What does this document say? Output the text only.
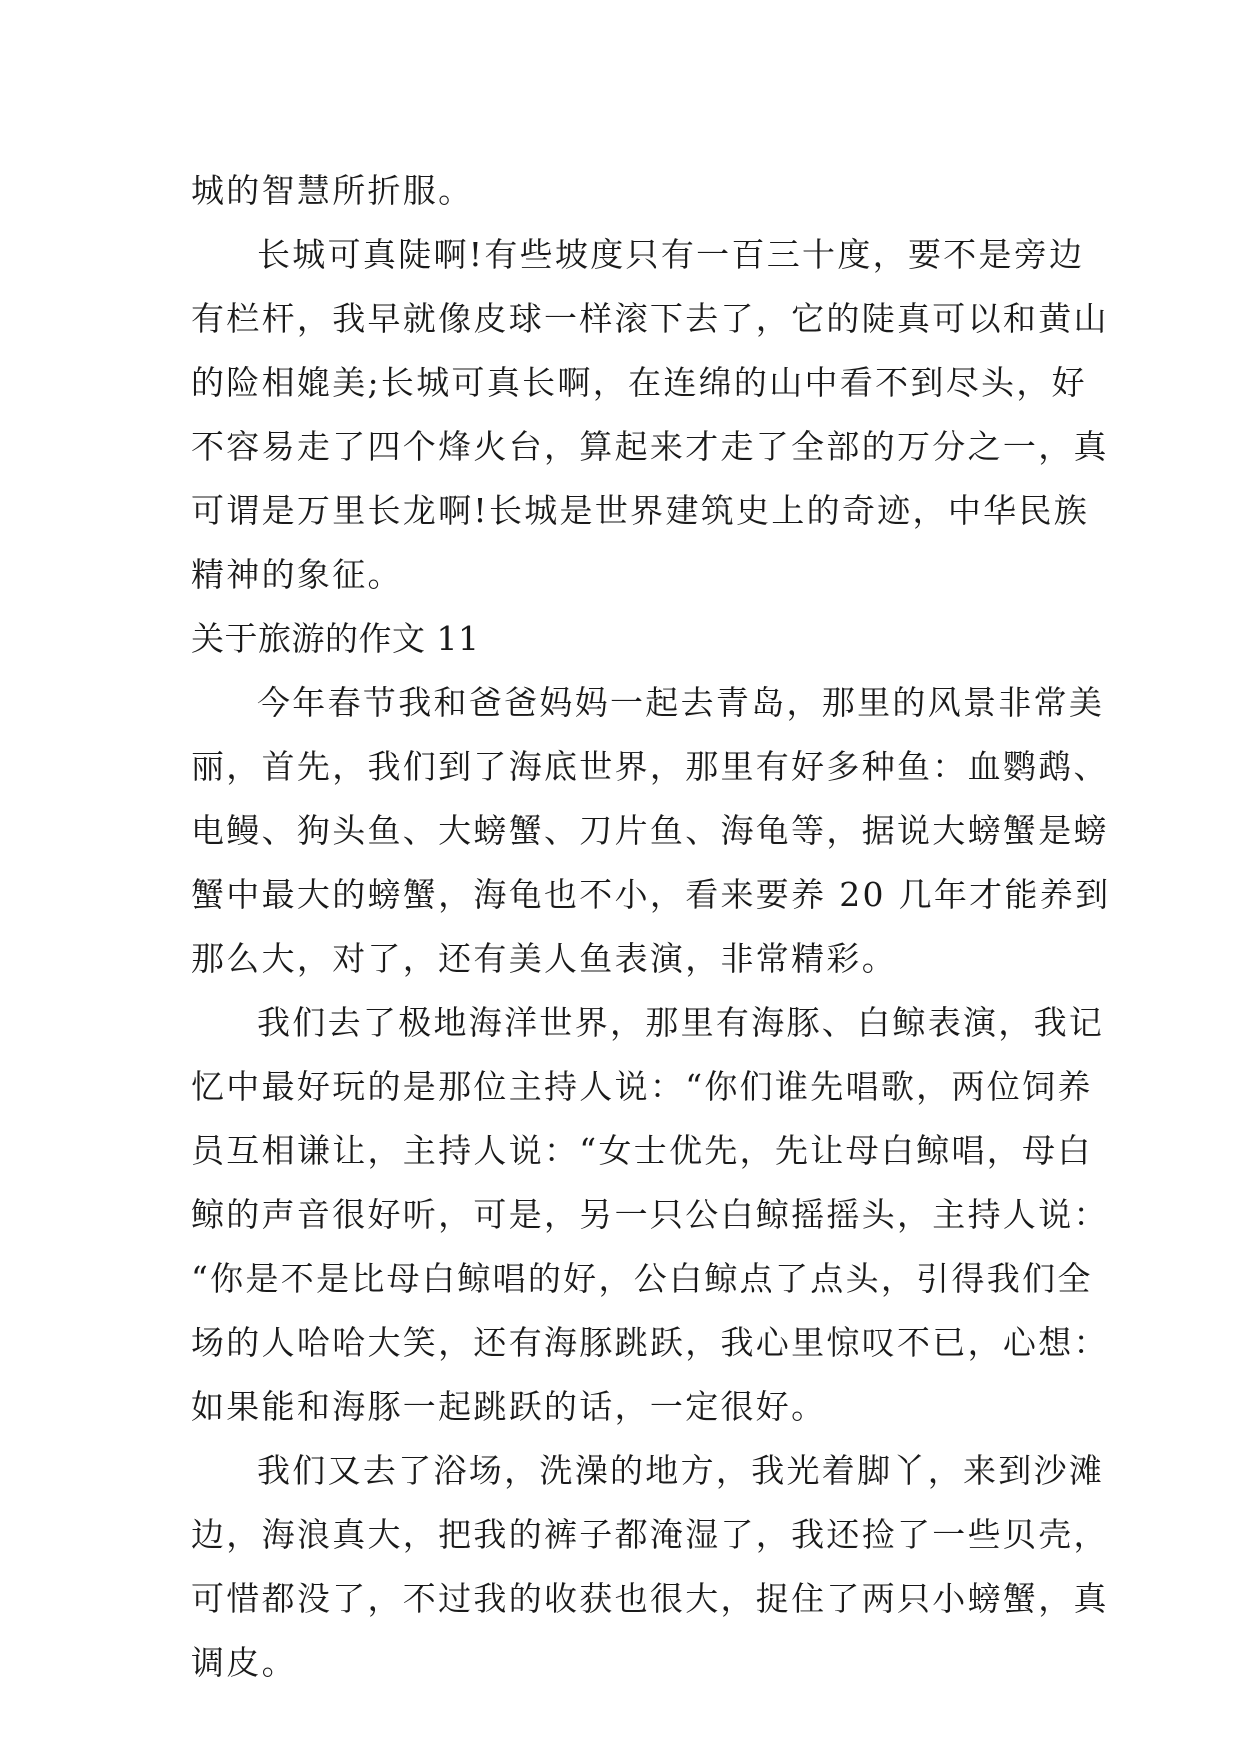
城的智慧所折服。
长城可真陡啊!有些坡度只有一百三十度，要不是旁边
有栏杆，我早就像皮球一样滚下去了，它的陡真可以和黄山
的险相媲美;长城可真长啊，在连绵的山中看不到尽头，好
不容易走了四个烽火台，算起来才走了全部的万分之一，真
可谓是万里长龙啊!长城是世界建筑史上的奇迹，中华民族
精神的象征。
关于旅游的作文 11
今年春节我和爸爸妈妈一起去青岛，那里的风景非常美
丽，首先，我们到了海底世界，那里有好多种鱼：血鹦鹉、
电鳗、狗头鱼、大螃蟹、刀片鱼、海龟等，据说大螃蟹是螃
蟹中最大的螃蟹，海龟也不小，看来要养 20 几年才能养到
那么大，对了，还有美人鱼表演，非常精彩。
我们去了极地海洋世界，那里有海豚、白鲸表演，我记
忆中最好玩的是那位主持人说：“你们谁先唱歌，两位饲养
员互相谦让，主持人说：“女士优先，先让母白鲸唱，母白
鲸的声音很好听，可是，另一只公白鲸摇摇头，主持人说：
“你是不是比母白鲸唱的好，公白鲸点了点头，引得我们全
场的人哈哈大笑，还有海豚跳跃，我心里惊叹不已，心想：
如果能和海豚一起跳跃的话，一定很好。
我们又去了浴场，洗澡的地方，我光着脚丫，来到沙滩
边，海浪真大，把我的裤子都淹湿了，我还捡了一些贝壳，
可惜都没了，不过我的收获也很大，捉住了两只小螃蟹，真
调皮。
